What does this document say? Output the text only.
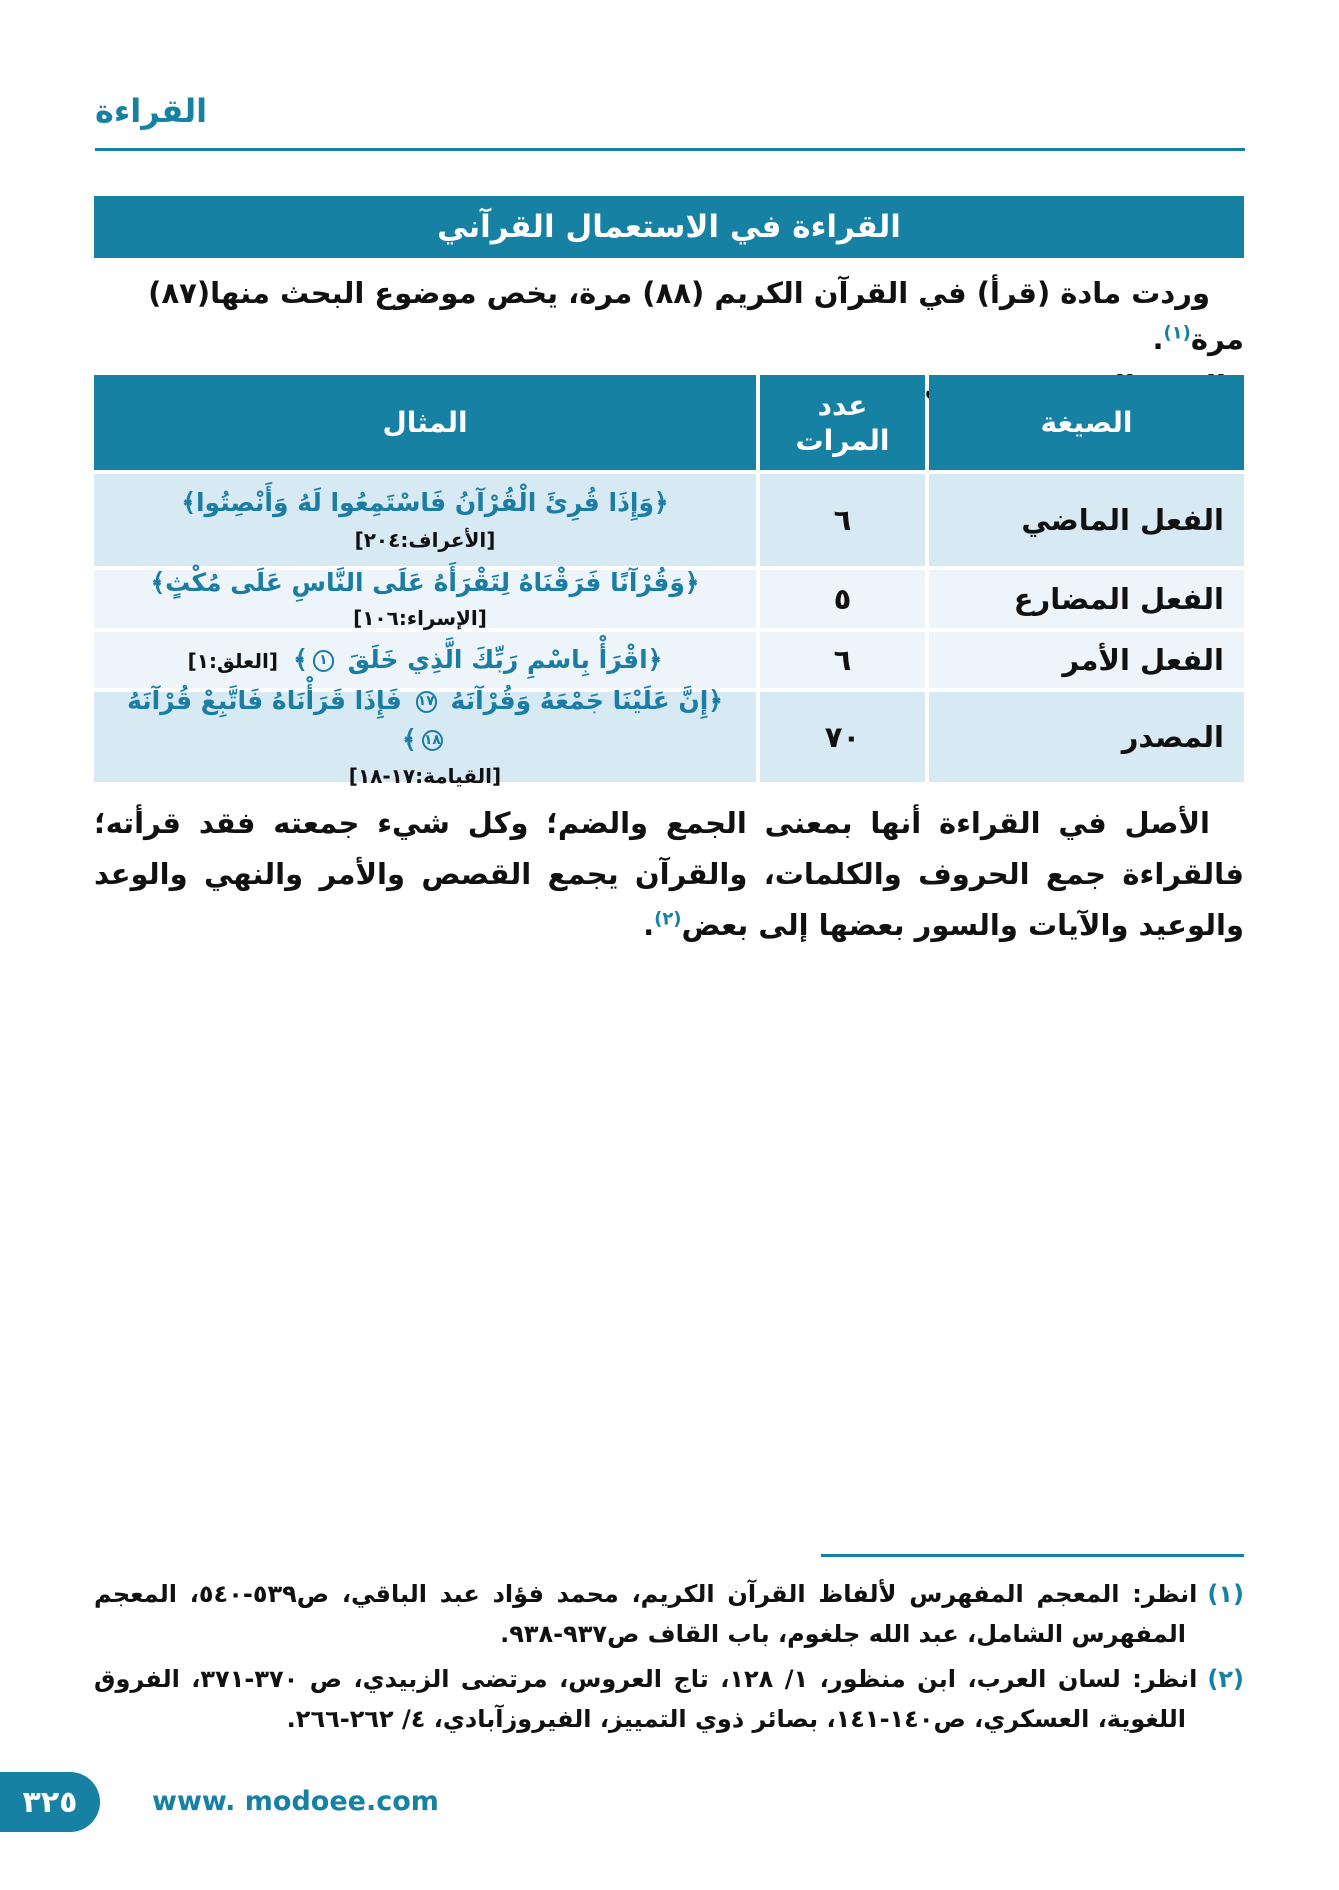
القراءة
القراءة في الاستعمال القرآني
وردت مادة (قرأ) في القرآن الكريم (٨٨) مرة، يخص موضوع البحث منها(٨٧) مرة$^{(١)}$.
الصيغة
عدد المرات
المثال
الفعل الماضي
٦
﴿وَإِذَا قُرِئَ الْقُرْآنُ فَاسْتَمِعُوا لَهُ وَأَنْصِتُوا﴾
[الأعراف:٢٠٤]
الفعل المضارع
٥
﴿وَقُرْآنًا فَرَقْنَاهُ لِتَقْرَأَهُ عَلَى النَّاسِ عَلَى مُكْثٍ﴾ [الإسراء:١٠٦]
الفعل الأمر
٦
﴿اقْرَأْ بِاسْمِ رَبِّكَ الَّذِي خَلَقَ ١﴾ [العلق:١]
المصدر
٧٠
﴿إِنَّ عَلَيْنَا جَمْعَهُ وَقُرْآنَهُ ١٧ فَإِذَا قَرَأْنَاهُ فَاتَّبِعْ قُرْآنَهُ ١٨﴾
[القيامة:١٧-١٨]
الأصل في القراءة أنها بمعنى الجمع والضم؛ وكل شيء جمعته فقد قرأته؛ فالقراءة جمع الحروف والكلمات، والقرآن يجمع القصص والأمر والنهي والوعد والوعيد والآيات والسور بعضها إلى بعض$^{(٢)}$.
(١)انظر: المعجم المفهرس لألفاظ القرآن الكريم، محمد فؤاد عبد الباقي، ص٥٣٩-٥٤٠، المعجم المفهرس الشامل، عبد الله جلغوم، باب القاف ص٩٣٧-٩٣٨.
(٢)انظر: لسان العرب، ابن منظور، ١/ ١٢٨، تاج العروس، مرتضى الزبيدي، ص ٣٧٠-٣٧١، الفروق اللغوية، العسكري، ص١٤٠-١٤١، بصائر ذوي التمييز، الفيروزآبادي، ٤/ ٢٦٢-٢٦٦.
٣٢٥	www. modoee.com
